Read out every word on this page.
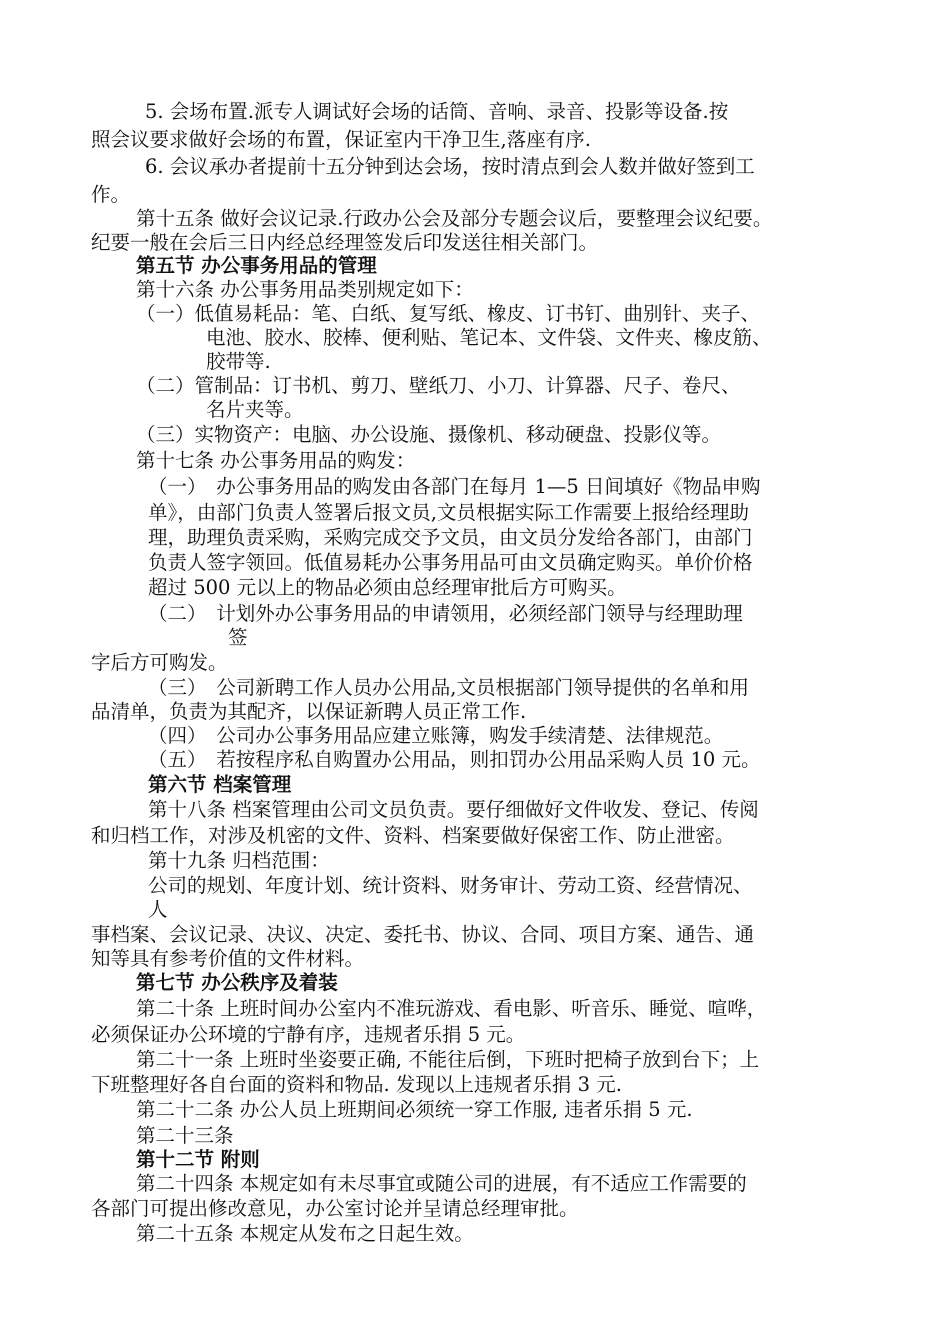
5. 会场布置.派专人调试好会场的话筒、音响、录音、投影等设备.按
照会议要求做好会场的布置，保证室内干净卫生,落座有序.
6. 会议承办者提前十五分钟到达会场，按时清点到会人数并做好签到工
作。
第十五条 做好会议记录.行政办公会及部分专题会议后，要整理会议纪要。
纪要一般在会后三日内经总经理签发后印发送往相关部门。
第五节 办公事务用品的管理
第十六条 办公事务用品类别规定如下：
（一）低值易耗品：笔、白纸、复写纸、橡皮、订书钉、曲别针、夹子、
电池、胶水、胶棒、便利贴、笔记本、文件袋、文件夹、橡皮筋、
胶带等.
（二）管制品：订书机、剪刀、壁纸刀、小刀、计算器、尺子、卷尺、
名片夹等。
（三）实物资产：电脑、办公设施、摄像机、移动硬盘、投影仪等。
第十七条 办公事务用品的购发：
（一）　办公事务用品的购发由各部门在每月 1—5 日间填好《物品申购
单》，由部门负责人签署后报文员,文员根据实际工作需要上报给经理助
理，助理负责采购，采购完成交予文员，由文员分发给各部门，由部门
负责人签字领回。低值易耗办公事务用品可由文员确定购买。单价价格
超过 500 元以上的物品必须由总经理审批后方可购买。
（二）　计划外办公事务用品的申请领用，必须经部门领导与经理助理
签
字后方可购发。
（三）　公司新聘工作人员办公用品,文员根据部门领导提供的名单和用
品清单，负责为其配齐，以保证新聘人员正常工作.
（四）　公司办公事务用品应建立账簿，购发手续清楚、法律规范。
（五）　若按程序私自购置办公用品，则扣罚办公用品采购人员 10 元。
第六节 档案管理
第十八条 档案管理由公司文员负责。要仔细做好文件收发、登记、传阅
和归档工作，对涉及机密的文件、资料、档案要做好保密工作、防止泄密。
第十九条 归档范围：
公司的规划、年度计划、统计资料、财务审计、劳动工资、经营情况、
人
事档案、会议记录、决议、决定、委托书、协议、合同、项目方案、通告、通
知等具有参考价值的文件材料。
第七节 办公秩序及着装
第二十条 上班时间办公室内不准玩游戏、看电影、听音乐、睡觉、喧哗，
必须保证办公环境的宁静有序，违规者乐捐 5 元。
第二十一条 上班时坐姿要正确, 不能往后倒，下班时把椅子放到台下；上
下班整理好各自台面的资料和物品. 发现以上违规者乐捐 3 元.
第二十二条 办公人员上班期间必须统一穿工作服, 违者乐捐 5 元.
第二十三条
第十二节 附则
第二十四条 本规定如有未尽事宜或随公司的进展，有不适应工作需要的
各部门可提出修改意见，办公室讨论并呈请总经理审批。
第二十五条 本规定从发布之日起生效。
